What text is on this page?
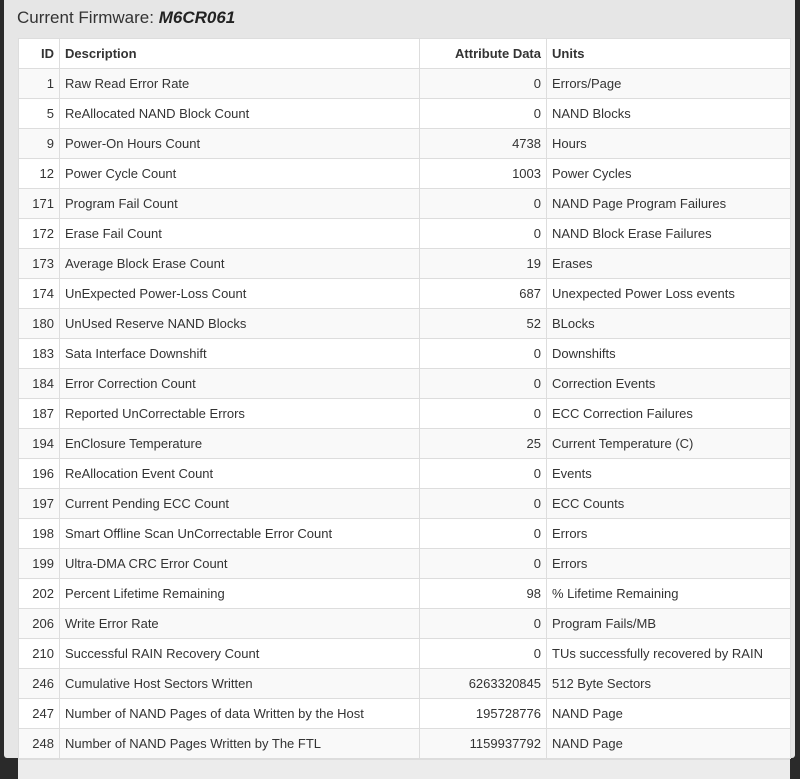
Current Firmware: M6CR061
ID	Description	Attribute Data	Units
1	Raw Read Error Rate	0	Errors/Page
5	ReAllocated NAND Block Count	0	NAND Blocks
9	Power-On Hours Count	4738	Hours
12	Power Cycle Count	1003	Power Cycles
171	Program Fail Count	0	NAND Page Program Failures
172	Erase Fail Count	0	NAND Block Erase Failures
173	Average Block Erase Count	19	Erases
174	UnExpected Power-Loss Count	687	Unexpected Power Loss events
180	UnUsed Reserve NAND Blocks	52	BLocks
183	Sata Interface Downshift	0	Downshifts
184	Error Correction Count	0	Correction Events
187	Reported UnCorrectable Errors	0	ECC Correction Failures
194	EnClosure Temperature	25	Current Temperature (C)
196	ReAllocation Event Count	0	Events
197	Current Pending ECC Count	0	ECC Counts
198	Smart Offline Scan UnCorrectable Error Count	0	Errors
199	Ultra-DMA CRC Error Count	0	Errors
202	Percent Lifetime Remaining	98	% Lifetime Remaining
206	Write Error Rate	0	Program Fails/MB
210	Successful RAIN Recovery Count	0	TUs successfully recovered by RAIN
246	Cumulative Host Sectors Written	6263320845	512 Byte Sectors
247	Number of NAND Pages of data Written by the Host	195728776	NAND Page
248	Number of NAND Pages Written by The FTL	1159937792	NAND Page
